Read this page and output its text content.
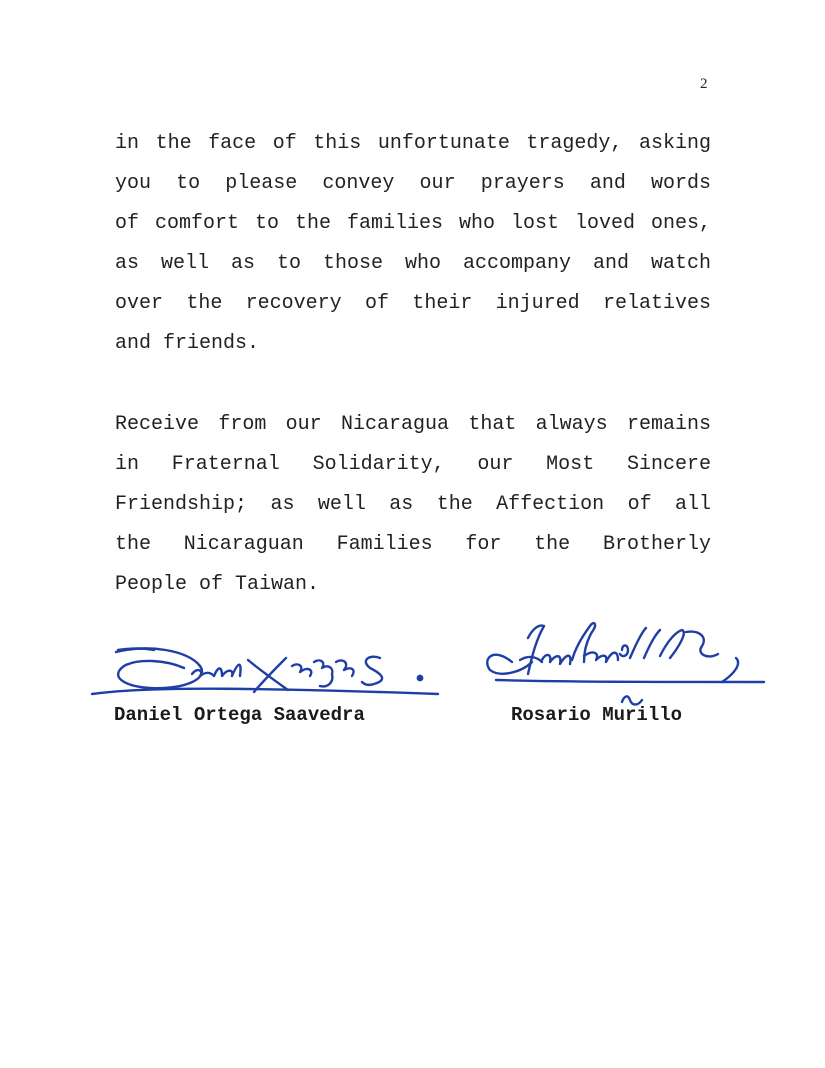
2
in the face of this unfortunate tragedy, asking
you to please convey our prayers and words
of comfort to the families who lost loved ones,
as well as to those who accompany and watch
over the recovery of their injured relatives
and friends.
Receive from our Nicaragua that always remains
in Fraternal Solidarity, our Most Sincere
Friendship; as well as the Affection of all
the Nicaraguan Families for the Brotherly
People of Taiwan.
Daniel Ortega Saavedra	Rosario Murillo
